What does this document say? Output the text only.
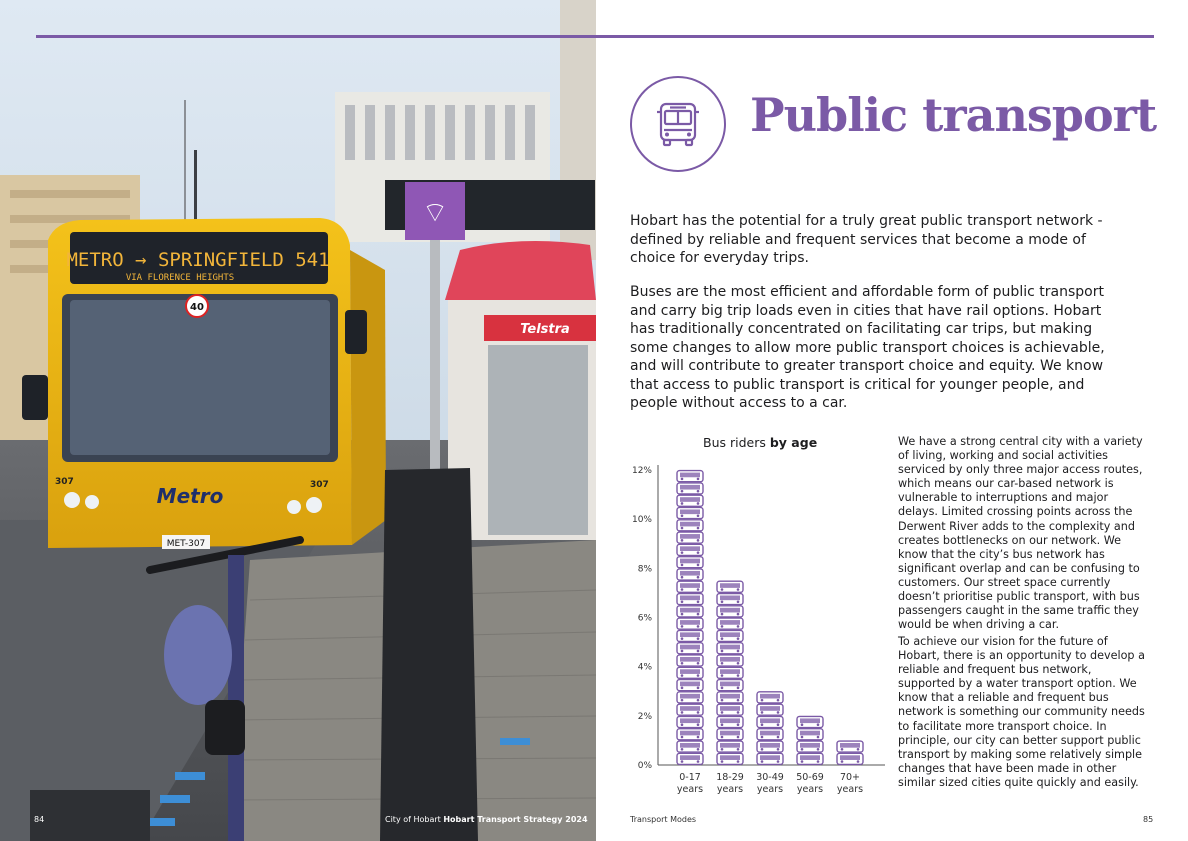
METRO → SPRINGFIELD 541
VIA FLORENCE HEIGHTS
40
Metro
307	307
MET-307
⌔
Telstra
84	City of Hobart Hobart Transport Strategy 2024
Public transport

Hobart has the potential for a truly great public transport network - defined by reliable and frequent services that become a mode of choice for everyday trips.

Buses are the most efficient and affordable form of public transport and carry big trip loads even in cities that have rail options. Hobart has traditionally concentrated on facilitating car trips, but making some changes to allow more public transport choices is achievable, and will contribute to greater transport choice and equity. We know that access to public transport is critical for younger people, and people without access to a car.

Bus riders by age
0%
2%
4%
6%
8%
10%
12%
0-17
years
18-29
years
30-49
years
50-69
years
70+
years

We have a strong central city with a variety of living, working and social activities serviced by only three major access routes, which means our car-based network is vulnerable to interruptions and major delays. Limited crossing points across the Derwent River adds to the complexity and creates bottlenecks on our network. We know that the city’s bus network has significant overlap and can be confusing to customers. Our street space currently doesn’t prioritise public transport, with bus passengers caught in the same traffic they would be when driving a car.

To achieve our vision for the future of Hobart, there is an opportunity to develop a reliable and frequent bus network, supported by a water transport option. We know that a reliable and frequent bus network is something our community needs to facilitate more transport choice. In principle, our city can better support public transport by making some relatively simple changes that have been made in other similar sized cities quite quickly and easily.

Transport Modes	85
